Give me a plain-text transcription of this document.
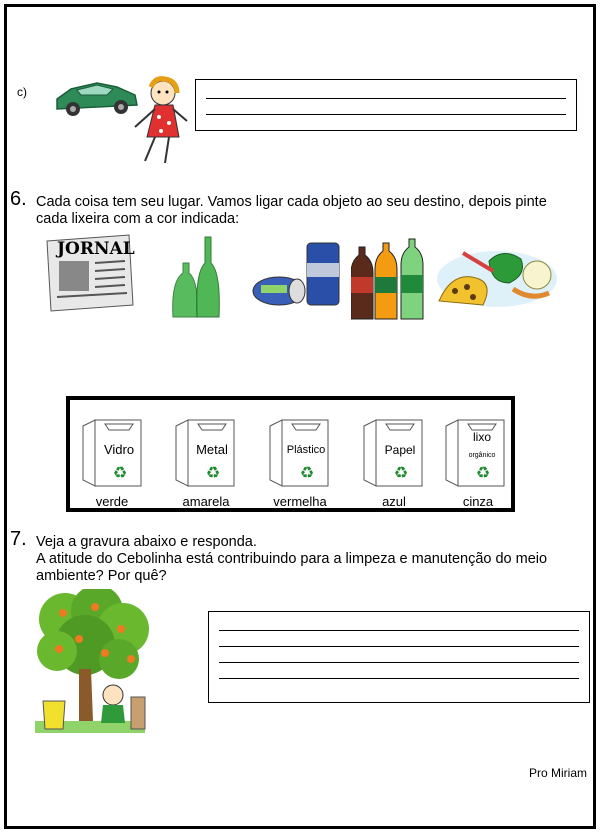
c)
6. Cada coisa tem seu lugar. Vamos ligar cada objeto ao seu destino, depois pinte
cada lixeira com a cor indicada:
JORNAL
Vidro
♻
verde
Metal
♻
amarela
Plástico
♻
vermelha
Papel
♻
azul
lixo
orgânico
♻
cinza
7. Veja a gravura abaixo e responda.
A atitude do Cebolinha está contribuindo para a limpeza e manutenção do meio
ambiente? Por quê?
Pro Miriam
